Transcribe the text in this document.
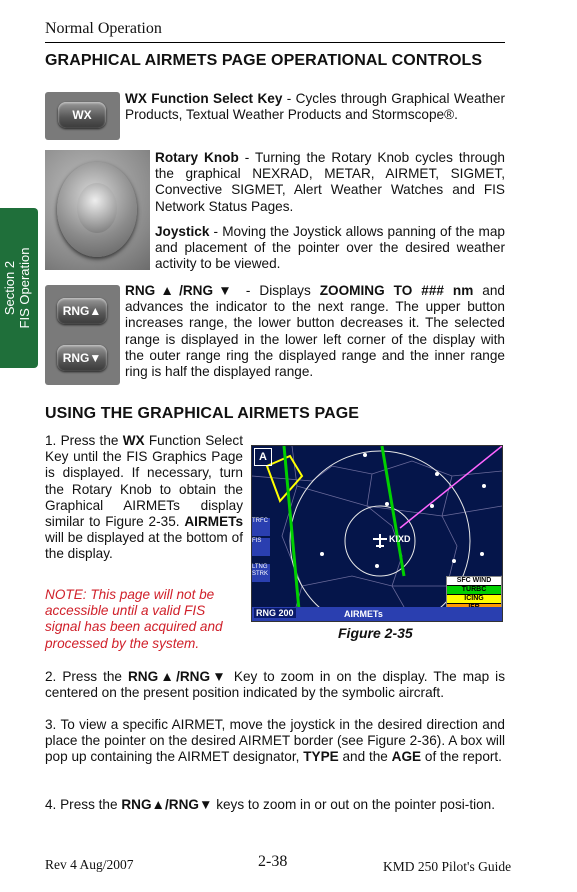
Normal Operation
Section 2 FIS Operation
GRAPHICAL AIRMETS PAGE OPERATIONAL CONTROLS
WX
WX Function Select Key - Cycles through Graphical Weather Products, Textual Weather Products and Stormscope®.
Rotary Knob - Turning the Rotary Knob cycles through the graphical NEXRAD, METAR, AIRMET, SIGMET, Convective SIGMET, Alert Weather Watches and FIS Network Status Pages.
Joystick - Moving the Joystick allows panning of the map and placement of the pointer over the desired weather activity to be viewed.
RNG▲
RNG▼
RNG▲/RNG▼ - Displays ZOOMING TO ### nm and advances the indicator to the next range. The upper button increases range, the lower button decreases it. The selected range is displayed in the lower left corner of the display with the outer range ring the displayed range and the inner range ring is half the displayed range.
USING THE GRAPHICAL AIRMETS PAGE
1. Press the WX Function Select Key until the FIS Graphics Page is displayed. If necessary, turn the Rotary Knob to obtain the Graphical AIRMETs display similar to Figure 2-35. AIRMETs will be displayed at the bottom of the display.
NOTE: This page will not be accessible until a valid FIS signal has been acquired and processed by the system.
A
TRFC
FIS
LTNG STRK
KIXD
SFC WIND
TURBC
ICING
RNG 200	AIRMETs
Figure 2-35
2. Press the RNG▲/RNG▼ Key to zoom in on the display. The map is centered on the present position indicated by the symbolic aircraft.
3. To view a specific AIRMET, move the joystick in the desired direction and place the pointer on the desired AIRMET border (see Figure 2-36). A box will pop up containing the AIRMET designator, TYPE and the AGE of the report.
4. Press the RNG▲/RNG▼ keys to zoom in or out on the pointer posi-tion.
Rev 4 Aug/2007	2-38	KMD 250 Pilot's Guide
